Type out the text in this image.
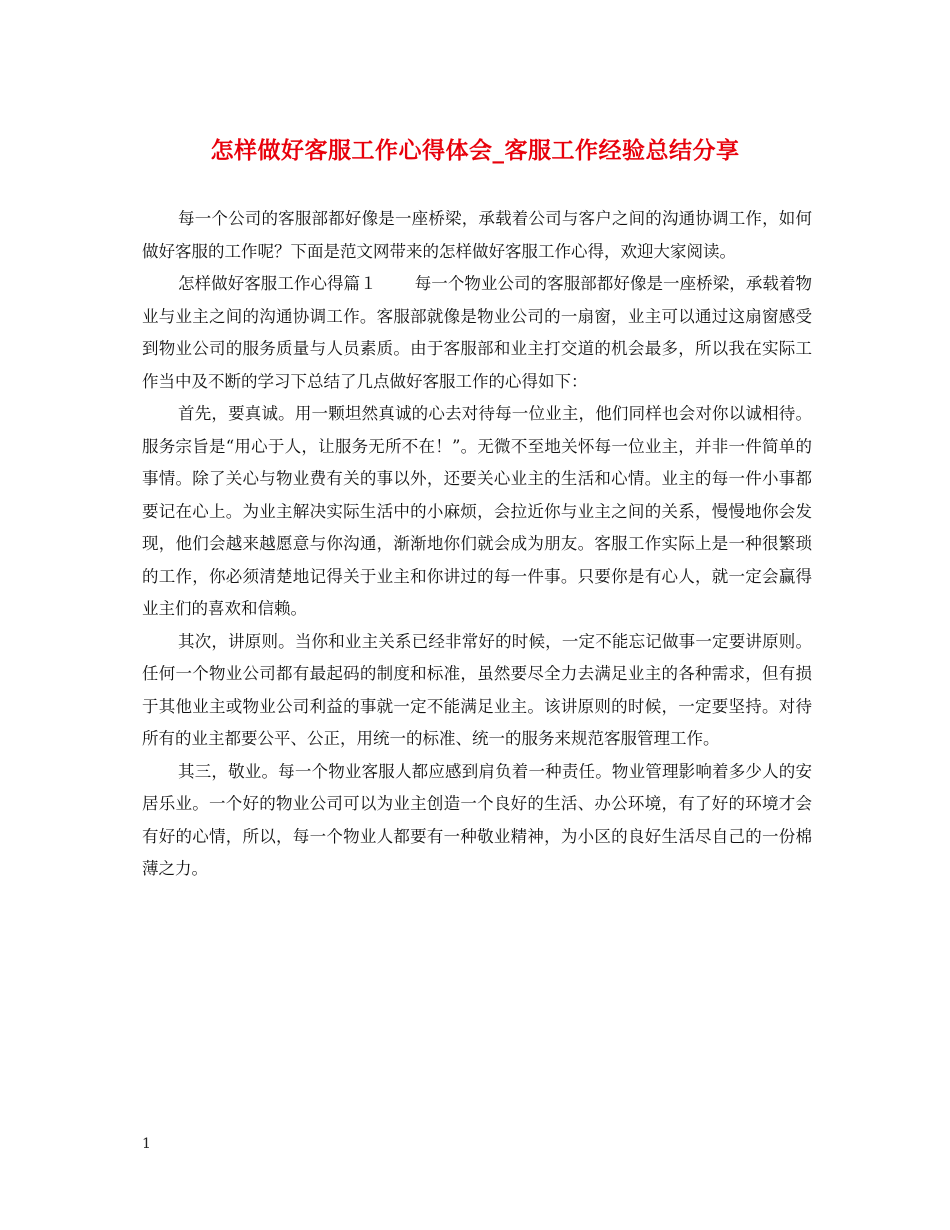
怎样做好客服工作心得体会_客服工作经验总结分享

每一个公司的客服部都好像是一座桥梁，承载着公司与客户之间的沟通协调工作，如何做好客服的工作呢？下面是范文网带来的怎样做好客服工作心得，欢迎大家阅读。

怎样做好客服工作心得篇１ 每一个物业公司的客服部都好像是一座桥梁，承载着物业与业主之间的沟通协调工作。客服部就像是物业公司的一扇窗，业主可以通过这扇窗感受到物业公司的服务质量与人员素质。由于客服部和业主打交道的机会最多，所以我在实际工作当中及不断的学习下总结了几点做好客服工作的心得如下：

首先，要真诚。用一颗坦然真诚的心去对待每一位业主，他们同样也会对你以诚相待。服务宗旨是“用心于人，让服务无所不在！”。无微不至地关怀每一位业主，并非一件简单的事情。除了关心与物业费有关的事以外，还要关心业主的生活和心情。业主的每一件小事都要记在心上。为业主解决实际生活中的小麻烦，会拉近你与业主之间的关系，慢慢地你会发现，他们会越来越愿意与你沟通，渐渐地你们就会成为朋友。客服工作实际上是一种很繁琐的工作，你必须清楚地记得关于业主和你讲过的每一件事。只要你是有心人，就一定会赢得业主们的喜欢和信赖。

其次，讲原则。当你和业主关系已经非常好的时候，一定不能忘记做事一定要讲原则。任何一个物业公司都有最起码的制度和标准，虽然要尽全力去满足业主的各种需求，但有损于其他业主或物业公司利益的事就一定不能满足业主。该讲原则的时候，一定要坚持。对待所有的业主都要公平、公正，用统一的标准、统一的服务来规范客服管理工作。

其三，敬业。每一个物业客服人都应感到肩负着一种责任。物业管理影响着多少人的安居乐业。一个好的物业公司可以为业主创造一个良好的生活、办公环境，有了好的环境才会有好的心情，所以，每一个物业人都要有一种敬业精神，为小区的良好生活尽自己的一份棉薄之力。

1
